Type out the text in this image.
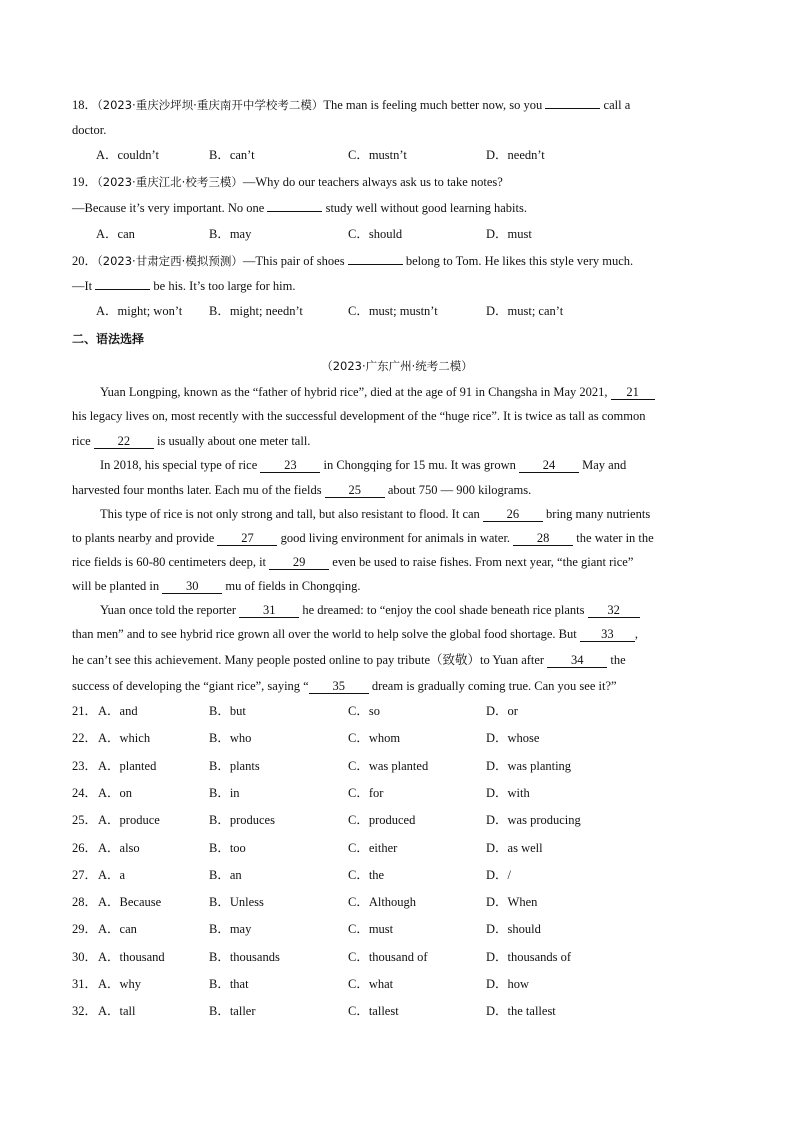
18．（2023·重庆沙坪坝·重庆南开中学校考二模）The man is feeling much better now, so you	call a
doctor.
A．couldn’t	B．can’t	C．mustn’t	D．needn’t
19．（2023·重庆江北·校考三模）—Why do our teachers always ask us to take notes?
—Because it’s very important. No one	study well without good learning habits.
A．can	B．may	C．should	D．must
20．（2023·甘肃定西·模拟预测）—This pair of shoes	belong to Tom. He likes this style very much.
—It	be his. It’s too large for him.
A．might; won’t B．might; needn’t	C．must; mustn’t	D．must; can’t
二、语法选择
（2023·广东广州·统考二模）
Yuan Longping, known as the “father of hybrid rice”, died at the age of 91 in Changsha in May 2021, 21
his legacy lives on, most recently with the successful development of the “huge rice”. It is twice as tall as common
rice 22 is usually about one meter tall.
In 2018, his special type of rice 23 in Chongqing for 15 mu. It was grown 24 May and
harvested four months later. Each mu of the fields 25 about 750 — 900 kilograms.
This type of rice is not only strong and tall, but also resistant to flood. It can 26 bring many nutrients
to plants nearby and provide 27 good living environment for animals in water. 28 the water in the
rice fields is 60-80 centimeters deep, it 29 even be used to raise fishes. From next year, “the giant rice”
will be planted in 30 mu of fields in Chongqing.
Yuan once told the reporter 31 he dreamed: to “enjoy the cool shade beneath rice plants 32
than men” and to see hybrid rice grown all over the world to help solve the global food shortage. But 33 ,
he can’t see this achievement. Many people posted online to pay tribute（致敬）to Yuan after 34 the
success of developing the “giant rice”, saying “ 35 dream is gradually coming true. Can you see it?”
21． A．and	B．but	C．so	D．or
22． A．which	B．who	C．whom	D．whose
23． A．planted	B．plants	C．was planted	D．was planting
24． A．on	B．in	C．for	D．with
25． A．produce	B．produces	C．produced	D．was producing
26． A．also	B．too	C．either	D．as well
27． A．a	B．an	C．the	D．/
28． A．Because	B．Unless	C．Although	D．When
29． A．can	B．may	C．must	D．should
30． A．thousand	B．thousands	C．thousand of	D．thousands of
31． A．why	B．that	C．what	D．how
32． A．tall	B．taller	C．tallest	D．the tallest
